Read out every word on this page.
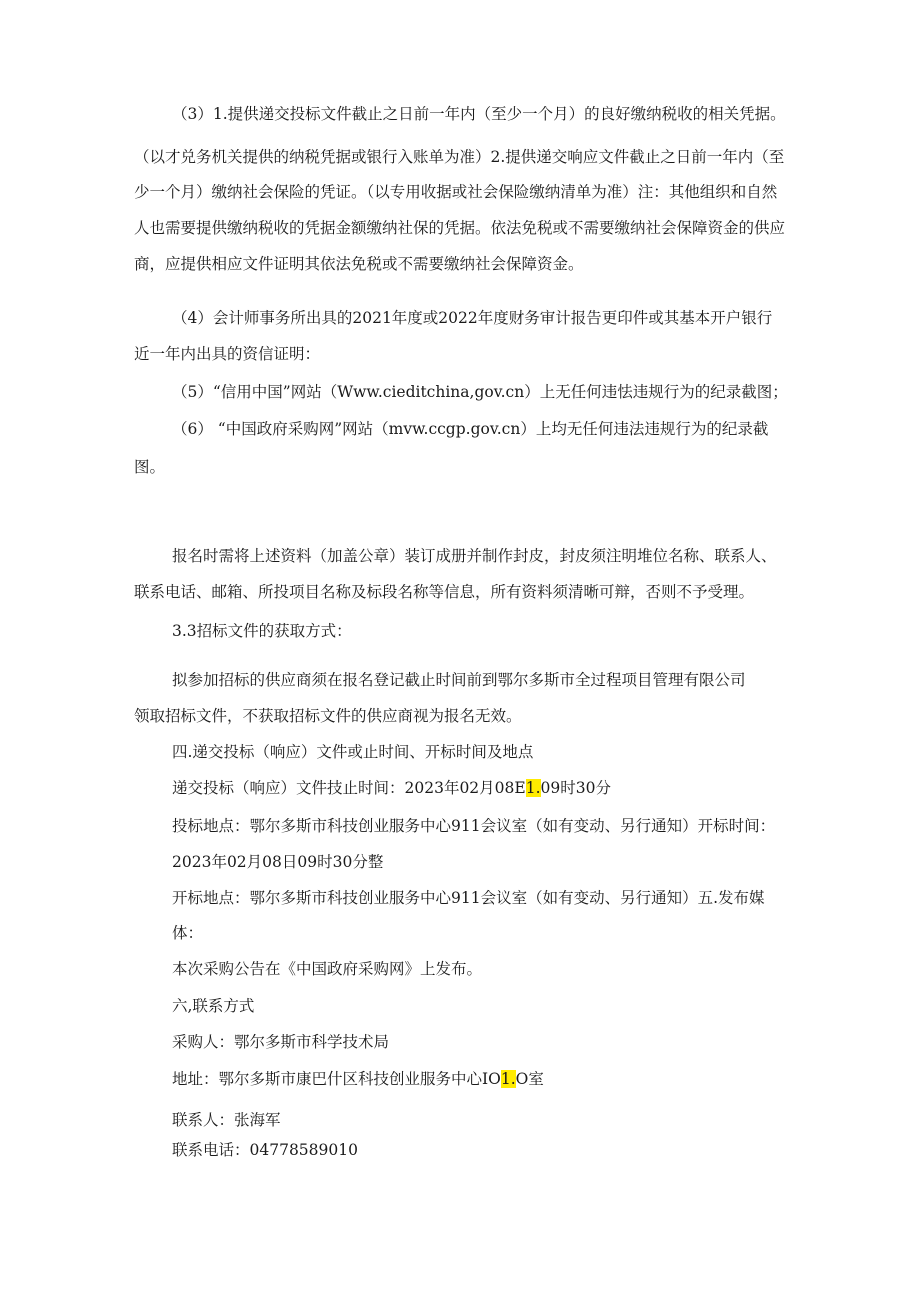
（3）1.提供递交投标文件截止之日前一年内（至少一个月）的良好缴纳税收的相关凭据。

（以才兑务机关提供的纳税凭据或银行入账单为准）2.提供递交响应文件截止之日前一年内（至

少一个月）缴纳社会保险的凭证。（以专用收据或社会保险缴纳清单为准）注：其他组织和自然

人也需要提供缴纳税收的凭据金额缴纳社保的凭据。依法免税或不需要缴纳社会保障资金的供应

商，应提供相应文件证明其依法免税或不需要缴纳社会保障资金。

（4）会计师事务所出具的2021年度或2022年度财务审计报告更印件或其基本开户银行

近一年内出具的资信证明：

（5）“信用中国”网站（Www.cieditchina,gov.cn）上无任何违怯违规行为的纪录截图；

（6） “中国政府采购网”网站（mvw.ccgp.gov.cn）上均无任何违法违规行为的纪录截

图。

报名时需将上述资料（加盖公章）装订成册并制作封皮，封皮须注明堆位名称、联系人、

联系电话、邮箱、所投项目名称及标段名称等信息，所有资料须清晰可辩，否则不予受理。

3.3招标文件的获取方式：

拟参加招标的供应商须在报名登记截止时间前到鄂尔多斯市全过程项目管理有限公司

领取招标文件，不获取招标文件的供应商视为报名无效。

四.递交投标（响应）文件或止时间、开标时间及地点

递交投标（响应）文件技止时间：2023年02月08E1.09时30分

投标地点：鄂尔多斯市科技创业服务中心911会议室（如有变动、另行通知）开标时间：

2023年02月08日09时30分整

开标地点：鄂尔多斯市科技创业服务中心911会议室（如有变动、另行通知）五.发布媒

体：

本次采购公告在《中国政府采购网》上发布。

六,联系方式

采购人：鄂尔多斯市科学技术局

地址：鄂尔多斯市康巴什区科技创业服务中心IO1.O室

联系人：张海军

联系电话：04778589010
